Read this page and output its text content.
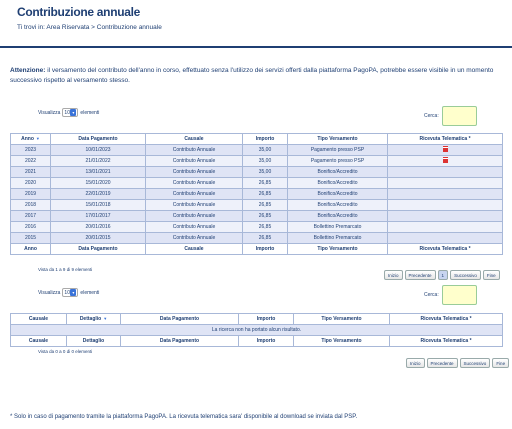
Contribuzione annuale
Ti trovi in: Area Riservata > Contribuzione annuale
Attenzione: il versamento del contributo dell'anno in corso, effettuato senza l'utilizzo dei servizi offerti dalla piattaforma PagoPA, potrebbe essere visibile in un momento successivo rispetto al versamento stesso.
Visualizza 10 ▾	elementi
Cerca:
Anno ▼	Data Pagamento	Causale	Importo	Tipo Versamento	Ricevuta Telematica *
2023	10/01/2023	Contributo Annuale	35,00	Pagamento presso PSP	
2022	21/01/2022	Contributo Annuale	35,00	Pagamento presso PSP	
2021	13/01/2021	Contributo Annuale	35,00	Bonifico/Accredito	
2020	15/01/2020	Contributo Annuale	26,85	Bonifico/Accredito	
2019	22/01/2019	Contributo Annuale	26,85	Bonifico/Accredito	
2018	15/01/2018	Contributo Annuale	26,85	Bonifico/Accredito	
2017	17/01/2017	Contributo Annuale	26,85	Bonifico/Accredito	
2016	20/01/2016	Contributo Annuale	26,85	Bollettino Premarcato	
2015	20/01/2015	Contributo Annuale	26,85	Bollettino Premarcato	
Anno	Data Pagamento	Causale	Importo	Tipo Versamento	Ricevuta Telematica *
Vista da 1 a 9 di 9 elementi
Inizio	Precedente	1	Successivo	Fine
Visualizza 10 ▾	elementi	Cerca:
Causale	Dettaglio ▼	Data Pagamento	Importo	Tipo Versamento	Ricevuta Telematica *
La ricerca non ha portato alcun risultato.					
Causale	Dettaglio	Data Pagamento	Importo	Tipo Versamento	Ricevuta Telematica *
Vista da 0 a 0 di 0 elementi
Inizio	Precedente	Successivo	Fine
* Solo in caso di pagamento tramite la piattaforma PagoPA. La ricevuta telematica sara' disponibile al download se inviata dal PSP.
